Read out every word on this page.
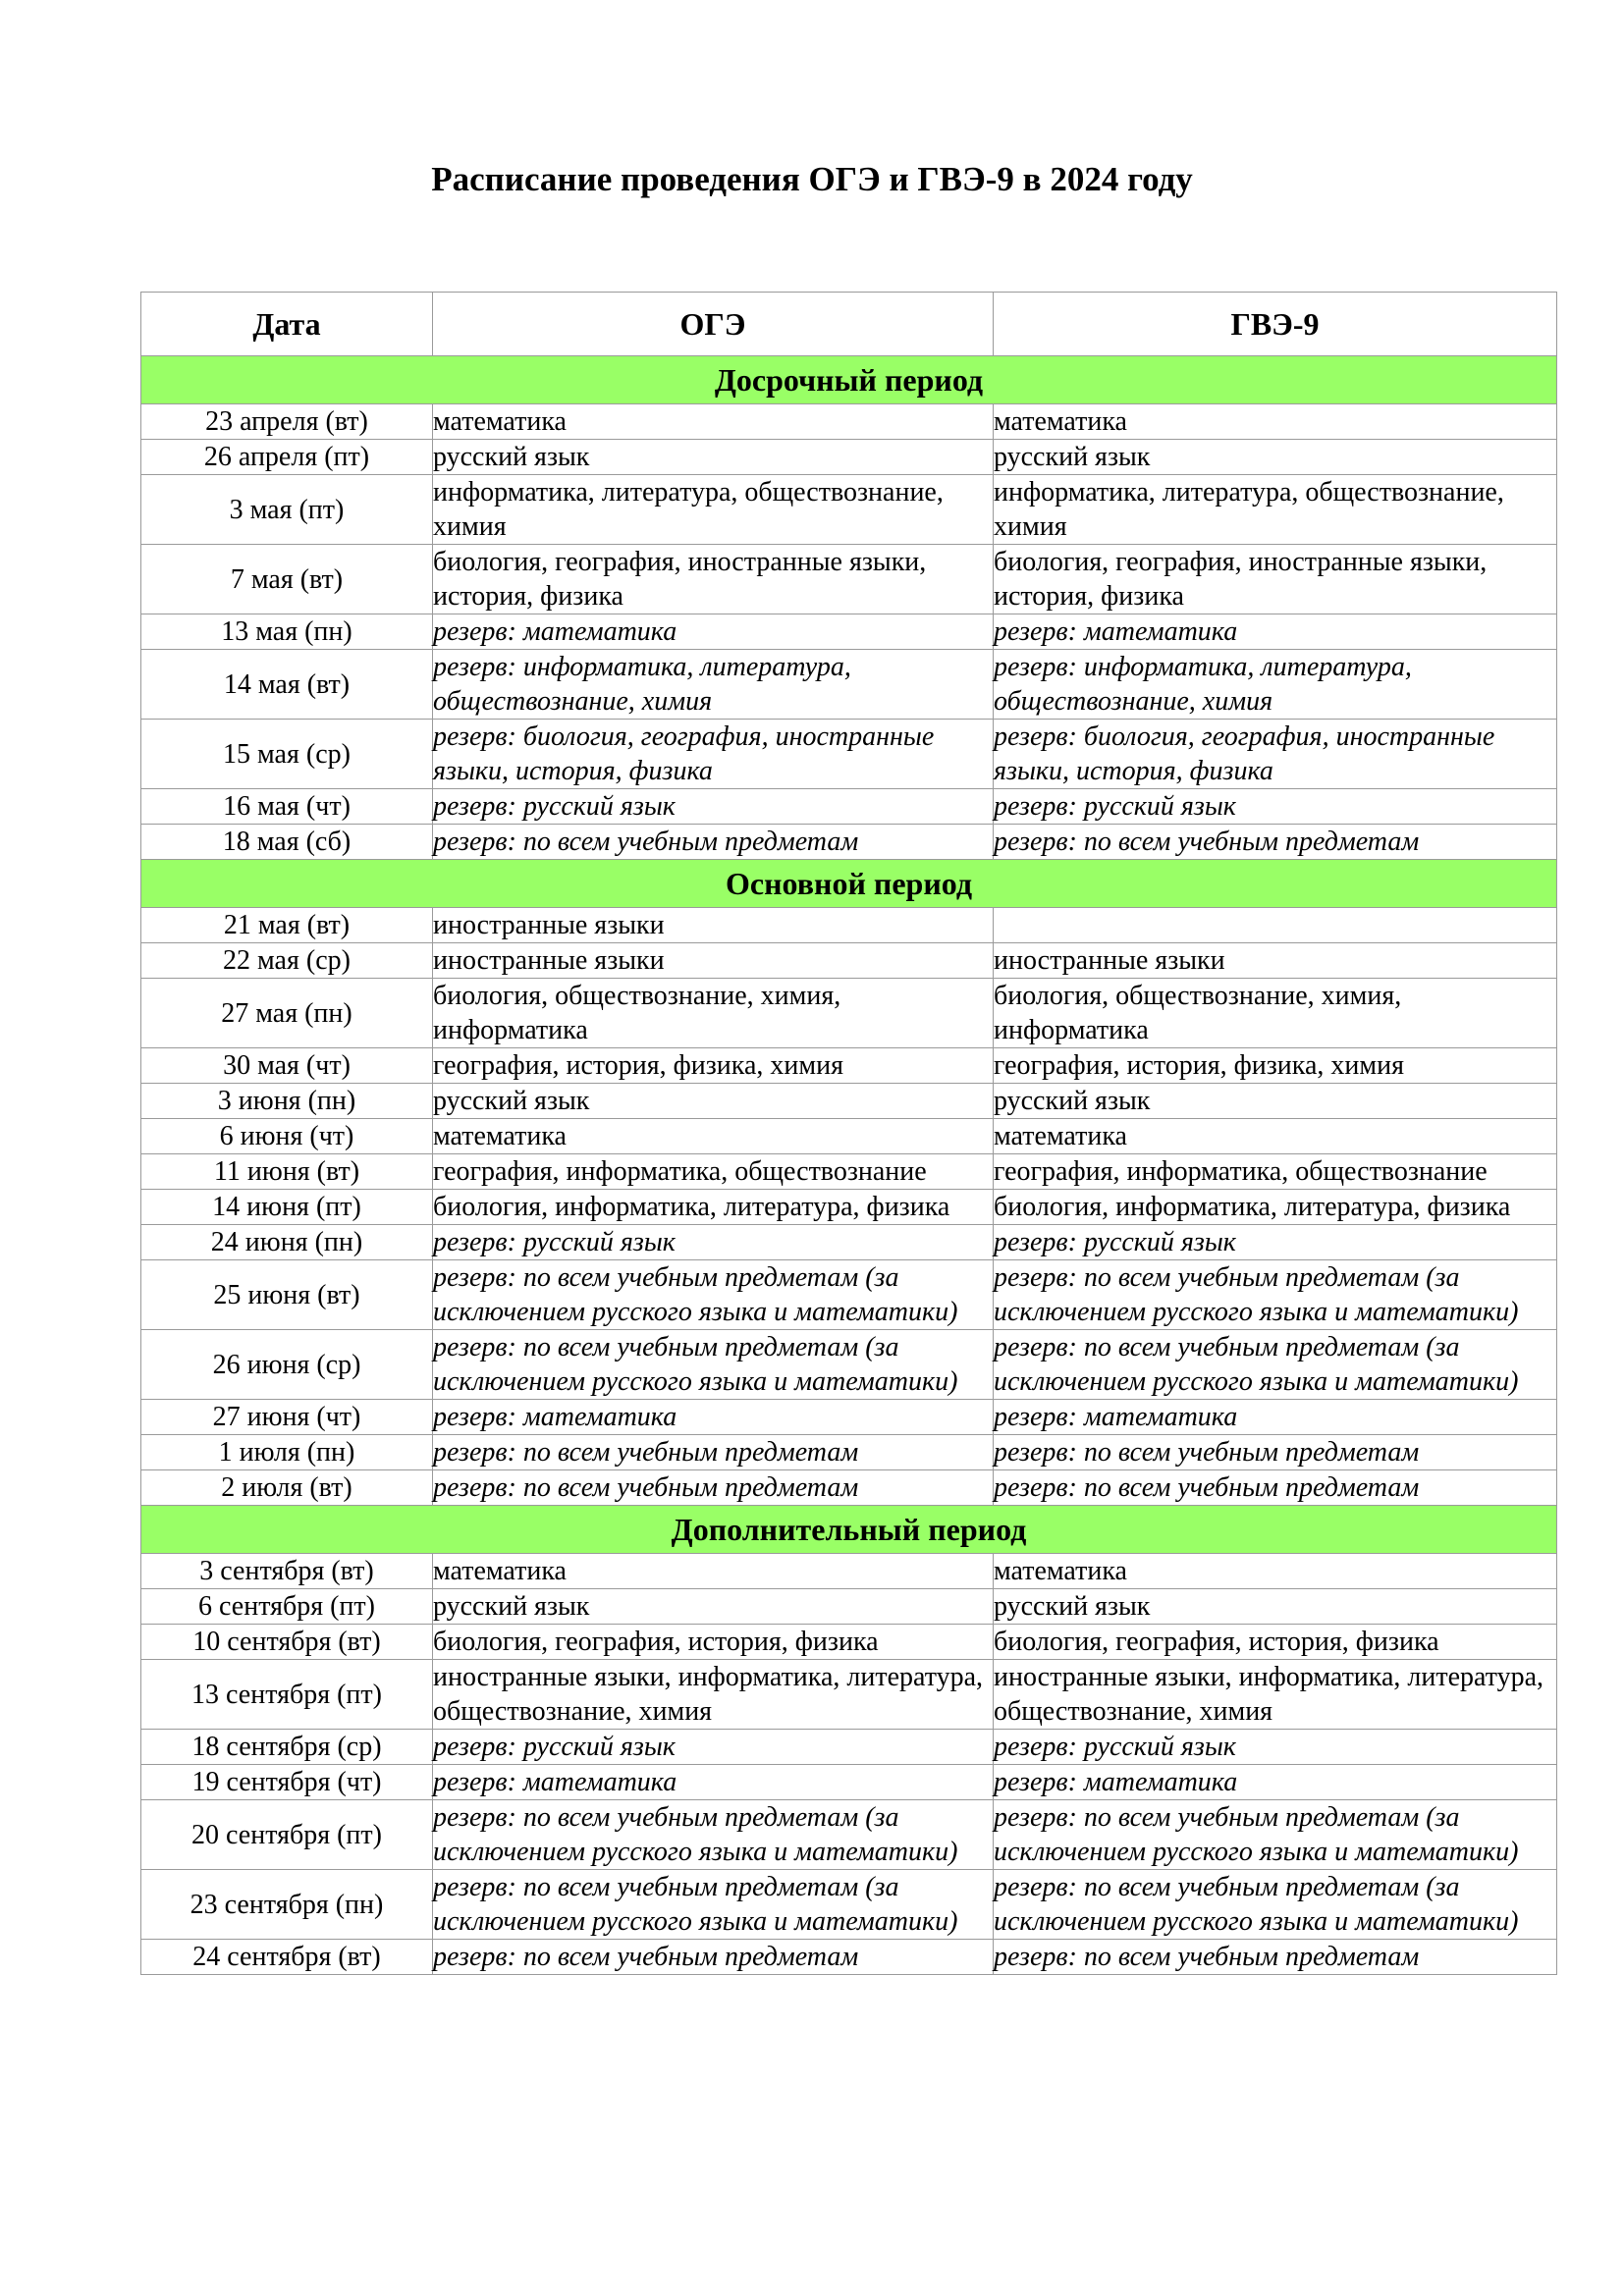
Расписание проведения ОГЭ и ГВЭ-9 в 2024 году
Дата	ОГЭ	ГВЭ-9
Досрочный период		
23 апреля (вт)	математика	математика
26 апреля (пт)	русский язык	русский язык
3 мая (пт)	информатика, литература, обществознание, химия	информатика, литература, обществознание, химия
7 мая (вт)	биология, география, иностранные языки, история, физика	биология, география, иностранные языки, история, физика
13 мая (пн)	резерв: математика	резерв: математика
14 мая (вт)	резерв: информатика, литература, обществознание, химия	резерв: информатика, литература, обществознание, химия
15 мая (ср)	резерв: биология, география, иностранные языки, история, физика	резерв: биология, география, иностранные языки, история, физика
16 мая (чт)	резерв: русский язык	резерв: русский язык
18 мая (сб)	резерв: по всем учебным предметам	резерв: по всем учебным предметам
Основной период		
21 мая (вт)	иностранные языки	
22 мая (ср)	иностранные языки	иностранные языки
27 мая (пн)	биология, обществознание, химия, информатика	биология, обществознание, химия, информатика
30 мая (чт)	география, история, физика, химия	география, история, физика, химия
3 июня (пн)	русский язык	русский язык
6 июня (чт)	математика	математика
11 июня (вт)	география, информатика, обществознание	география, информатика, обществознание
14 июня (пт)	биология, информатика, литература, физика	биология, информатика, литература, физика
24 июня (пн)	резерв: русский язык	резерв: русский язык
25 июня (вт)	резерв: по всем учебным предметам (за исключением русского языка и математики)	резерв: по всем учебным предметам (за исключением русского языка и математики)
26 июня (ср)	резерв: по всем учебным предметам (за исключением русского языка и математики)	резерв: по всем учебным предметам (за исключением русского языка и математики)
27 июня (чт)	резерв: математика	резерв: математика
1 июля (пн)	резерв: по всем учебным предметам	резерв: по всем учебным предметам
2 июля (вт)	резерв: по всем учебным предметам	резерв: по всем учебным предметам
Дополнительный период		
3 сентября (вт)	математика	математика
6 сентября (пт)	русский язык	русский язык
10 сентября (вт)	биология, география, история, физика	биология, география, история, физика
13 сентября (пт)	иностранные языки, информатика, литература, обществознание, химия	иностранные языки, информатика, литература, обществознание, химия
18 сентября (ср)	резерв: русский язык	резерв: русский язык
19 сентября (чт)	резерв: математика	резерв: математика
20 сентября (пт)	резерв: по всем учебным предметам (за исключением русского языка и математики)	резерв: по всем учебным предметам (за исключением русского языка и математики)
23 сентября (пн)	резерв: по всем учебным предметам (за исключением русского языка и математики)	резерв: по всем учебным предметам (за исключением русского языка и математики)
24 сентября (вт)	резерв: по всем учебным предметам	резерв: по всем учебным предметам
